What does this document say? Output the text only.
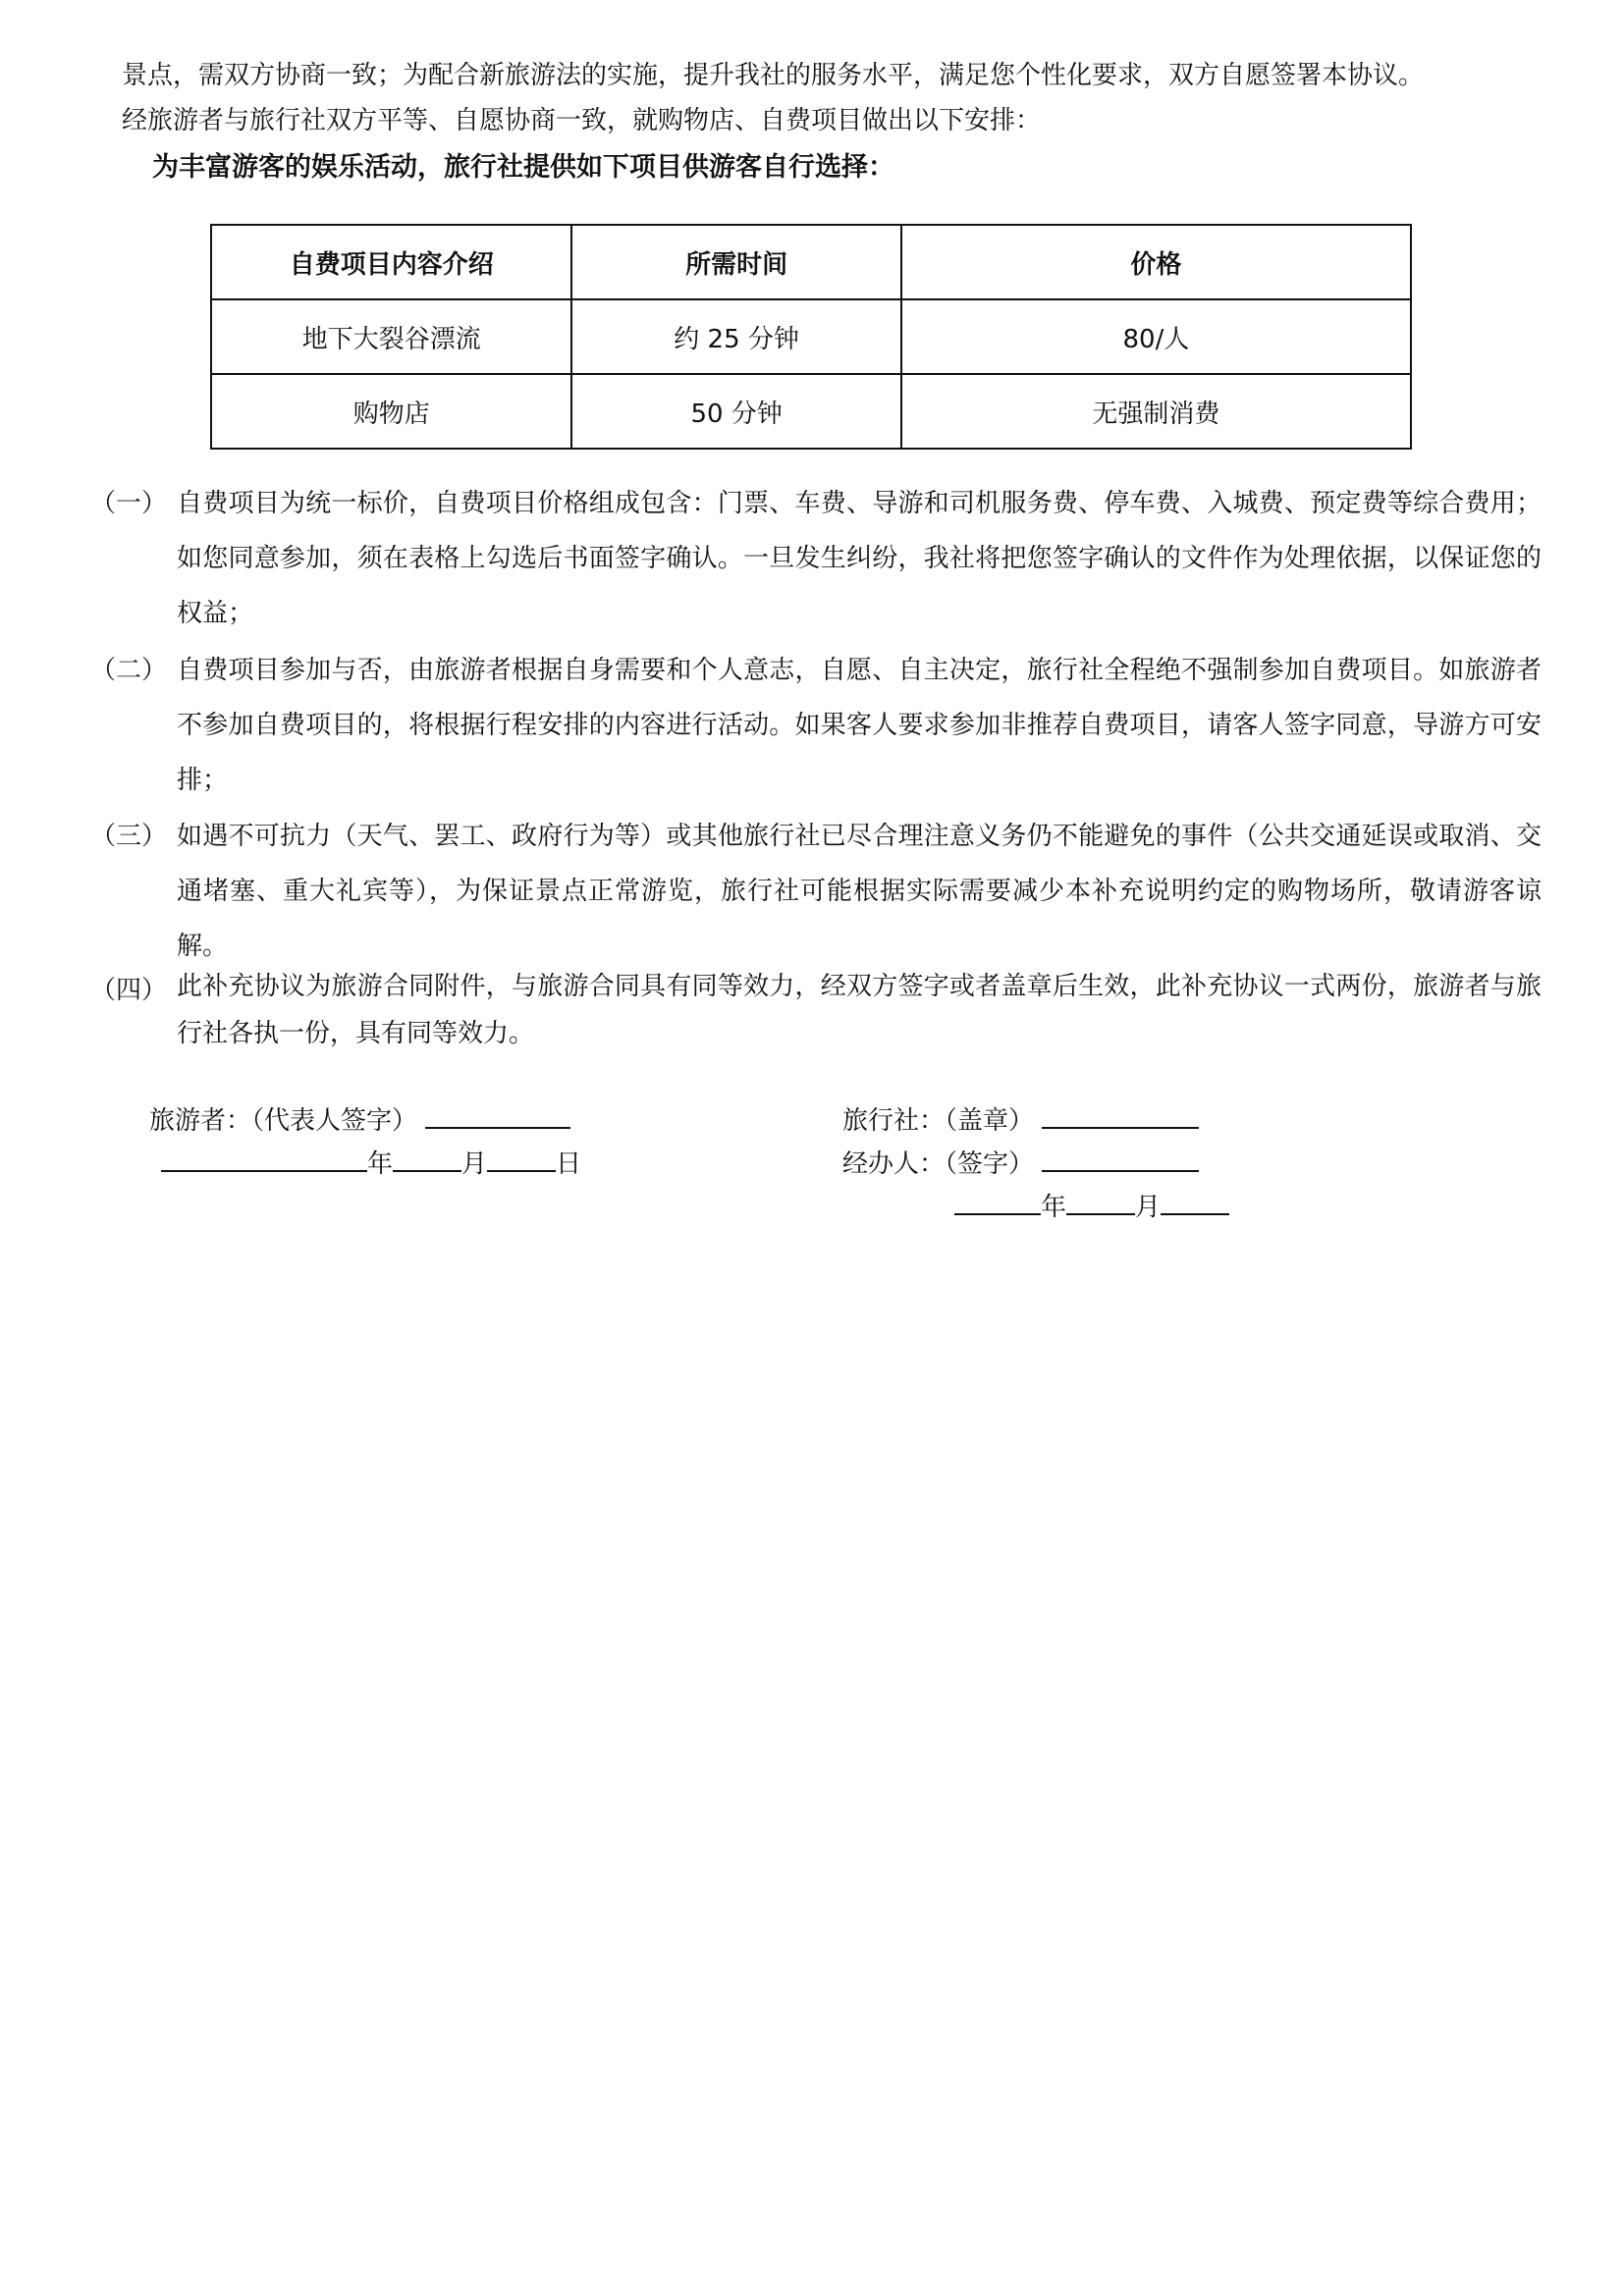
景点，需双方协商一致；为配合新旅游法的实施，提升我社的服务水平，满足您个性化要求，双方自愿签署本协议。
经旅游者与旅行社双方平等、自愿协商一致，就购物店、自费项目做出以下安排：
为丰富游客的娱乐活动，旅行社提供如下项目供游客自行选择：
自费项目内容介绍	所需时间	价格
地下大裂谷漂流	约 25 分钟	80/人
购物店	50 分钟	无强制消费
（一） 自费项目为统一标价，自费项目价格组成包含：门票、车费、导游和司机服务费、停车费、入城费、预定费等综合费用；如您同意参加，须在表格上勾选后书面签字确认。一旦发生纠纷，我社将把您签字确认的文件作为处理依据，以保证您的权益；
（二） 自费项目参加与否，由旅游者根据自身需要和个人意志，自愿、自主决定，旅行社全程绝不强制参加自费项目。如旅游者不参加自费项目的，将根据行程安排的内容进行活动。如果客人要求参加非推荐自费项目，请客人签字同意，导游方可安排；
（三） 如遇不可抗力（天气、罢工、政府行为等）或其他旅行社已尽合理注意义务仍不能避免的事件（公共交通延误或取消、交通堵塞、重大礼宾等），为保证景点正常游览，旅行社可能根据实际需要减少本补充说明约定的购物场所，敬请游客谅解。
（四） 此补充协议为旅游合同附件，与旅游合同具有同等效力，经双方签字或者盖章后生效，此补充协议一式两份，旅游者与旅行社各执一份，具有同等效力。
旅游者：（代表人签字）
年	月	日
旅行社：（盖章）
经办人：（签字）
年	月
